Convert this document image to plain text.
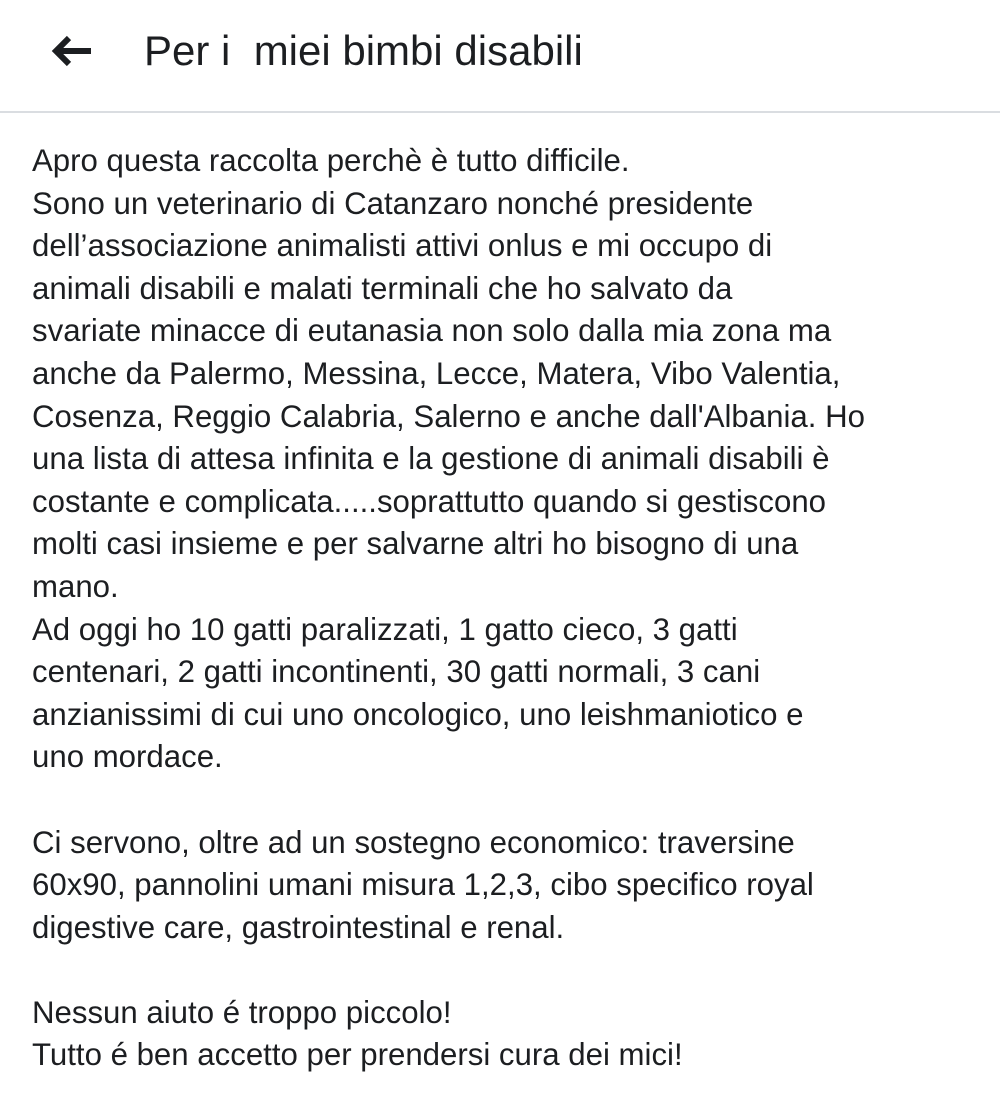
Per i  miei bimbi disabili

Apro questa raccolta perchè è tutto difficile.
Sono un veterinario di Catanzaro nonché presidente
dell’associazione animalisti attivi onlus e mi occupo di
animali disabili e malati terminali che ho salvato da
svariate minacce di eutanasia non solo dalla mia zona ma
anche da Palermo, Messina, Lecce, Matera, Vibo Valentia,
Cosenza, Reggio Calabria, Salerno e anche dall'Albania. Ho
una lista di attesa infinita e la gestione di animali disabili è
costante e complicata.....soprattutto quando si gestiscono
molti casi insieme e per salvarne altri ho bisogno di una
mano.
Ad oggi ho 10 gatti paralizzati, 1 gatto cieco, 3 gatti
centenari, 2 gatti incontinenti, 30 gatti normali, 3 cani
anzianissimi di cui uno oncologico, uno leishmaniotico e
uno mordace.
Ci servono, oltre ad un sostegno economico: traversine
60x90, pannolini umani misura 1,2,3, cibo specifico royal
digestive care, gastrointestinal e renal.
Nessun aiuto é troppo piccolo!
Tutto é ben accetto per prendersi cura dei mici!
